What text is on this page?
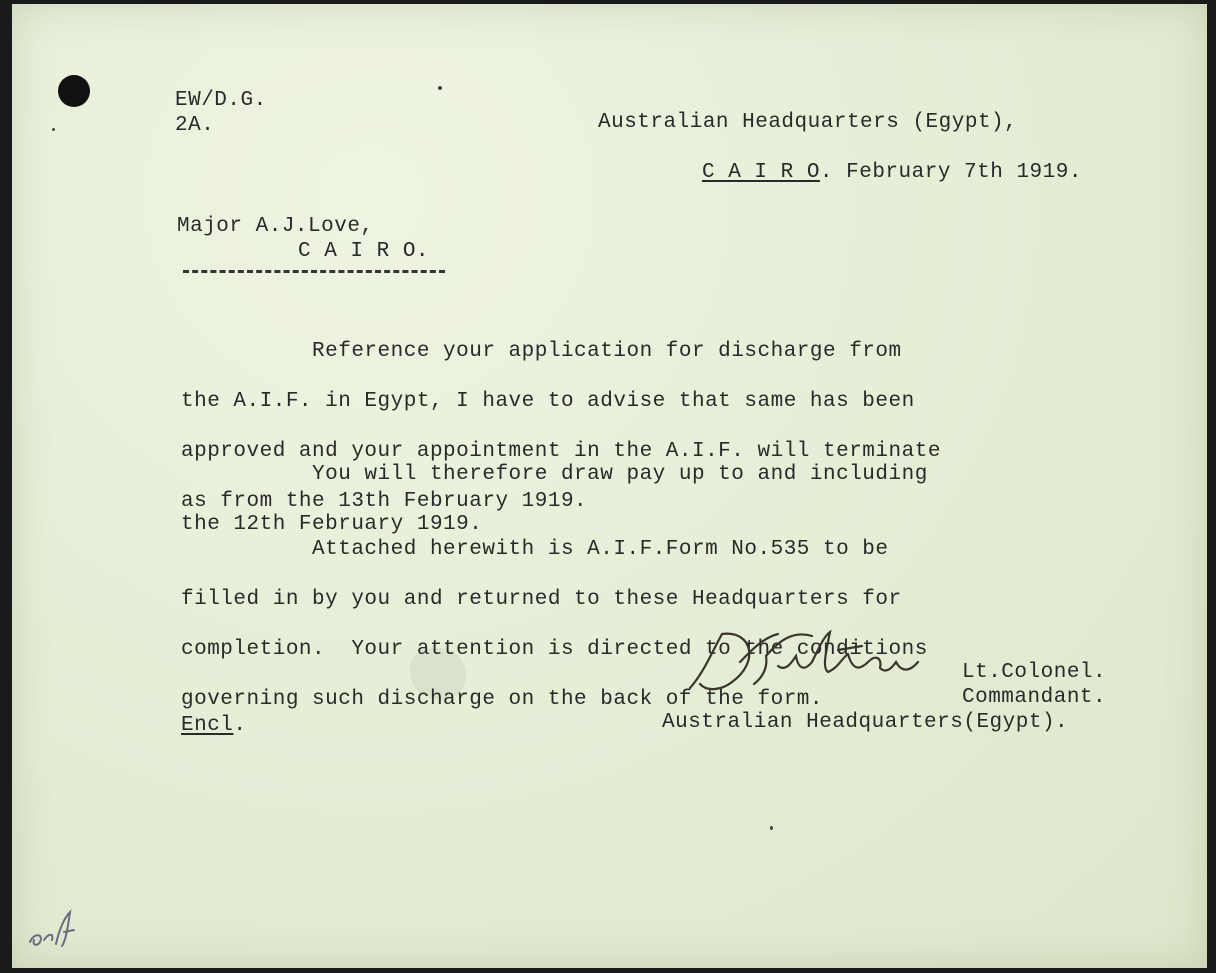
EW/D.G.
2A.	Australian Headquarters (Egypt),
C A I R O. February 7th 1919.
Major A.J.Love,
C A I R O.

Reference your application for discharge from

the A.I.F. in Egypt, I have to advise that same has been

approved and your appointment in the A.I.F. will terminate

as from the 13th February 1919.

You will therefore draw pay up to and including

the 12th February 1919.

Attached herewith is A.I.F.Form No.535 to be

filled in by you and returned to these Headquarters for

completion.  Your attention is directed to the conditions

governing such discharge on the back of the form.

Lt.Colonel.
Commandant.
Australian Headquarters(Egypt).
Encl.
